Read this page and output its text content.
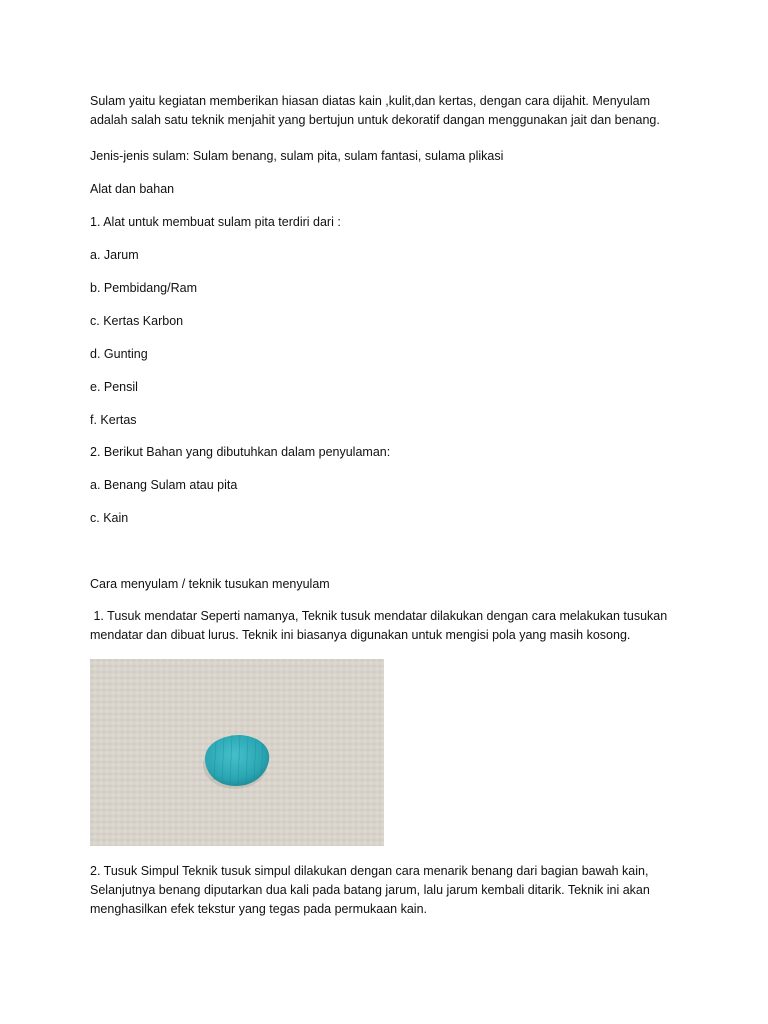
Sulam yaitu kegiatan memberikan hiasan diatas kain ,kulit,dan kertas, dengan cara dijahit. Menyulam adalah salah satu teknik menjahit yang bertujun untuk dekoratif dangan menggunakan jait dan benang.

Jenis-jenis sulam: Sulam benang, sulam pita, sulam fantasi, sulama plikasi

Alat dan bahan

1. Alat untuk membuat sulam pita terdiri dari :

a. Jarum

b. Pembidang/Ram

c. Kertas Karbon

d. Gunting

e. Pensil

f. Kertas

2. Berikut Bahan yang dibutuhkan dalam penyulaman:

a. Benang Sulam atau pita

c. Kain

Cara menyulam / teknik tusukan menyulam

1. Tusuk mendatar Seperti namanya, Teknik tusuk mendatar dilakukan dengan cara melakukan tusukan mendatar dan dibuat lurus. Teknik ini biasanya digunakan untuk mengisi pola yang masih kosong.

2. Tusuk Simpul Teknik tusuk simpul dilakukan dengan cara menarik benang dari bagian bawah kain, Selanjutnya benang diputarkan dua kali pada batang jarum, lalu jarum kembali ditarik. Teknik ini akan menghasilkan efek tekstur yang tegas pada permukaan kain.
